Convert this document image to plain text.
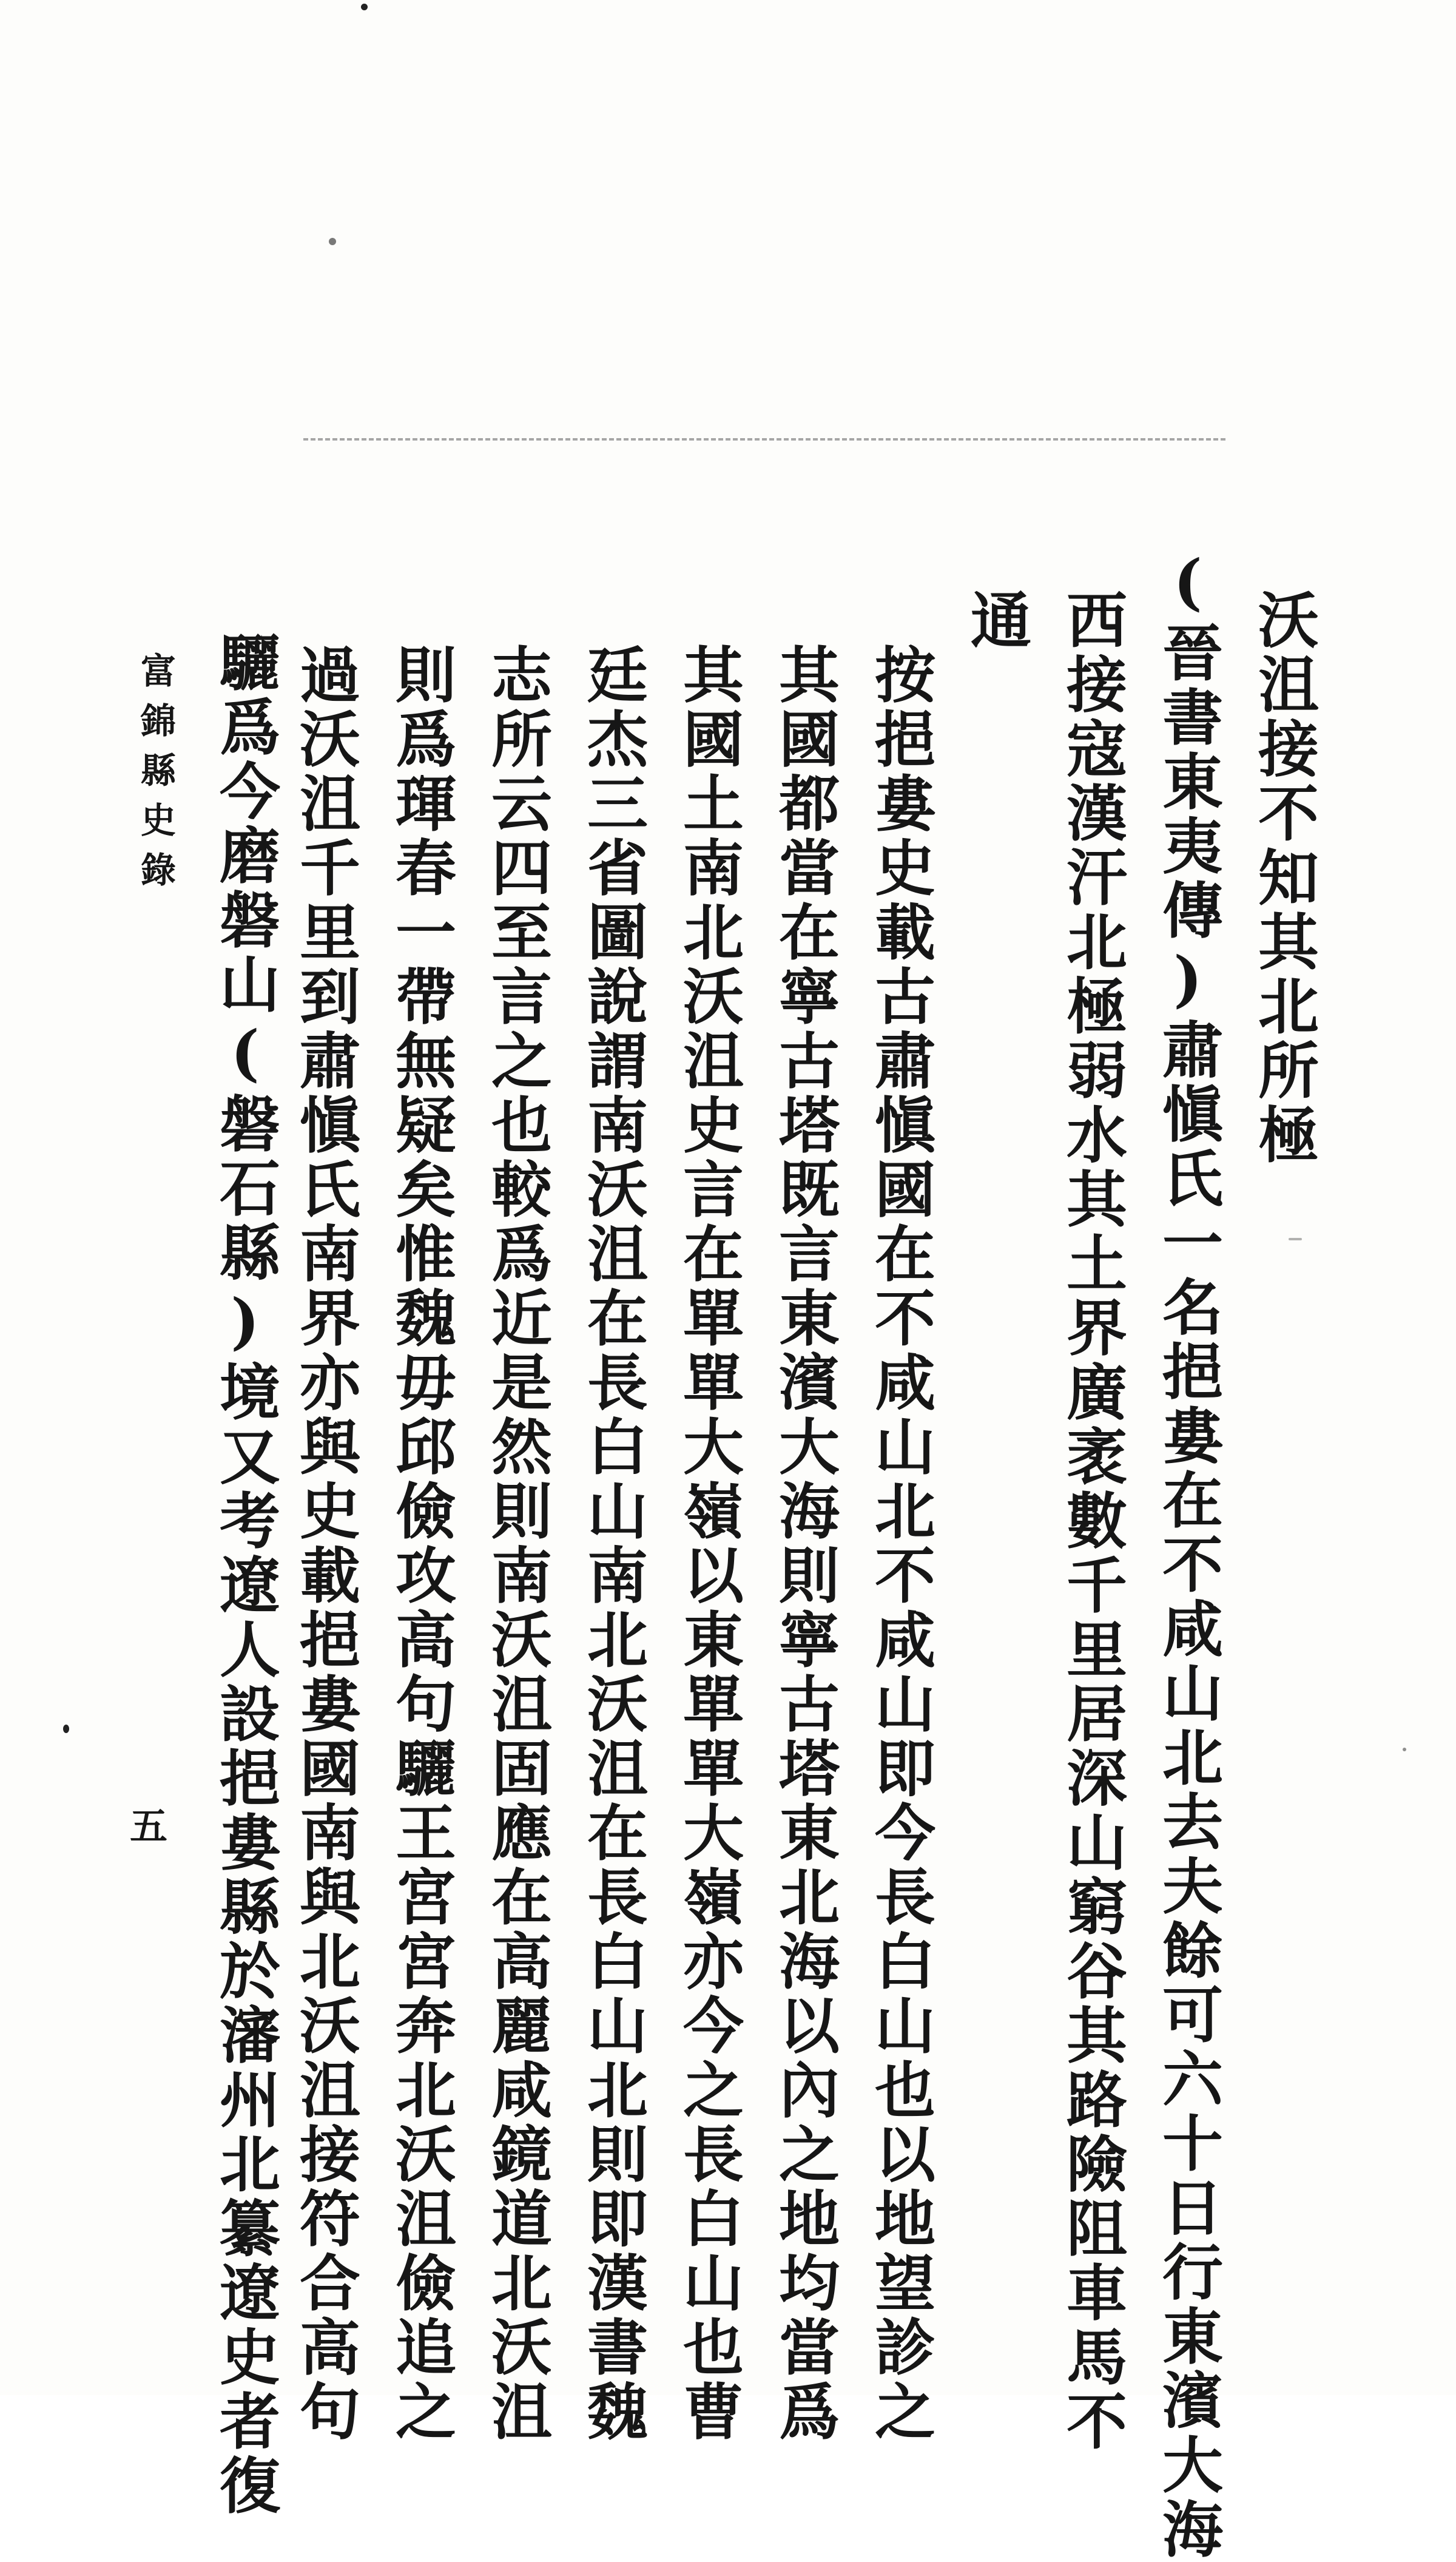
沃沮接不知其北所極
(晉書東夷傳)肅愼氏一名挹婁在不咸山北去夫餘可六十日行東濱大海
西接寇漢汗北極弱水其土界廣袤數千里居深山窮谷其路險阻車馬不
通
按挹婁史載古肅愼國在不咸山北不咸山即今長白山也以地望診之
其國都當在寧古塔既言東濱大海則寧古塔東北海以內之地均當爲
其國土南北沃沮史言在單單大嶺以東單單大嶺亦今之長白山也曹
廷杰三省圖說謂南沃沮在長白山南北沃沮在長白山北則即漢書魏
志所云四至言之也較爲近是然則南沃沮固應在高麗咸鏡道北沃沮
則爲琿春一帶無疑矣惟魏毋邱儉攻高句驪王宮宮奔北沃沮儉追之
過沃沮千里到肅愼氏南界亦與史載挹婁國南與北沃沮接符合高句
驪爲今磨磐山(磐石縣)境又考遼人設挹婁縣於瀋州北纂遼史者復
富錦縣史錄
五
